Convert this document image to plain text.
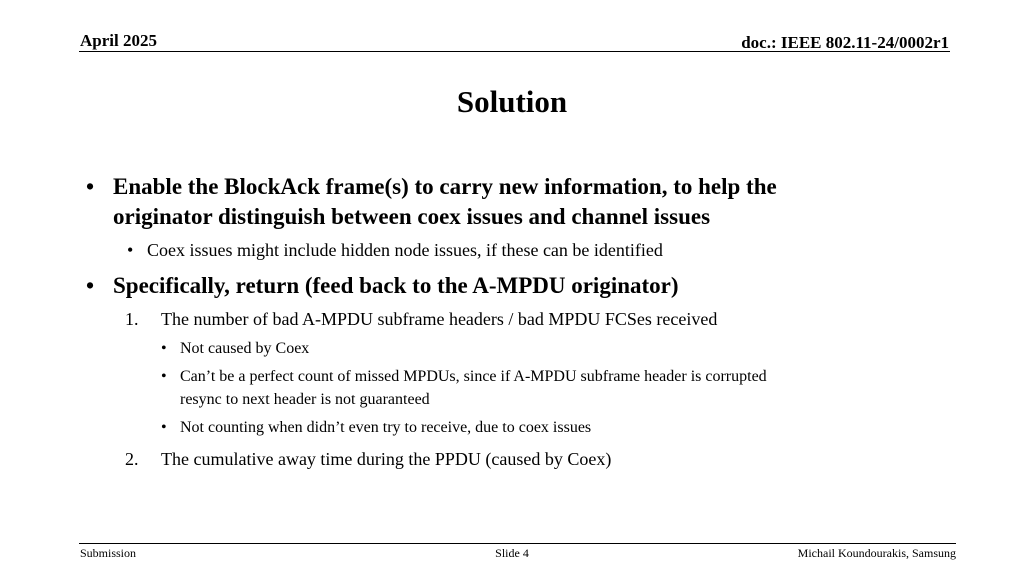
April 2025	doc.: IEEE 802.11-24/0002r1
Solution
• Enable the BlockAck frame(s) to carry new information, to help the
originator distinguish between coex issues and channel issues
• Coex issues might include hidden node issues, if these can be identified
• Specifically, return (feed back to the A-MPDU originator)
1. The number of bad A-MPDU subframe headers / bad MPDU FCSes received
• Not caused by Coex
• Can’t be a perfect count of missed MPDUs, since if A-MPDU subframe header is corrupted
resync to next header is not guaranteed
• Not counting when didn’t even try to receive, due to coex issues
2. The cumulative away time during the PPDU (caused by Coex)
Submission	Slide 4	Michail Koundourakis, Samsung
